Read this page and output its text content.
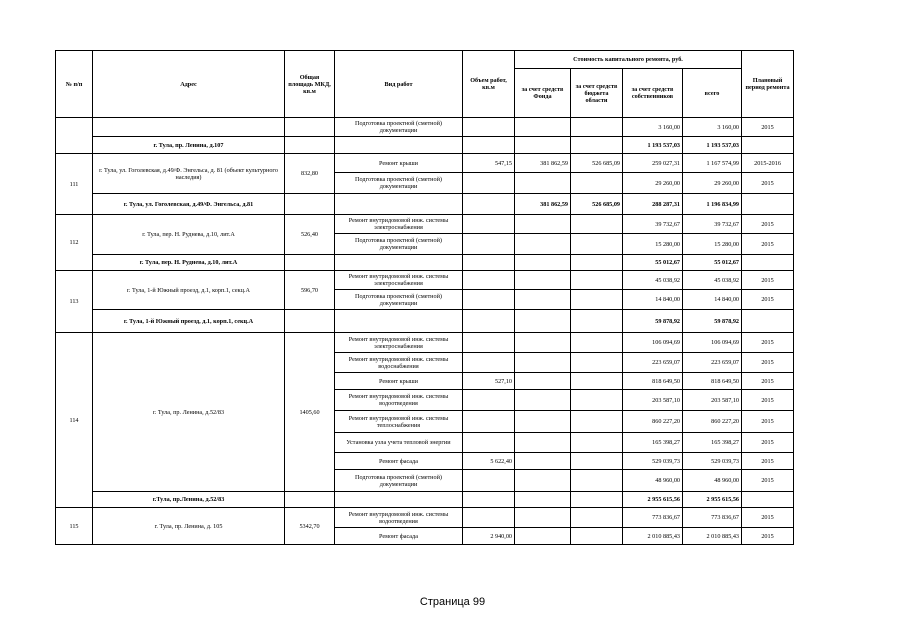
№ п/п	Адрес	Общая площадь МКД, кв.м	Вид работ	Объем работ, кв.м	Стоимость капитального ремонта, руб.				Плановый период ремонта
					за счет средств Фонда	за счет средств бюджета области	за счет средств собственников	всего	
			Подготовка проектной (сметной) документации				3 160,00	3 160,00	2015
	г. Тула, пр. Ленина, д.107						1 193 537,03	1 193 537,03	
111	г. Тула, ул. Гоголевская, д.49/Ф. Энгельса, д. 81 (объект культурного наследия)	832,80	Ремонт крыши	547,15	381 862,59	526 685,09	259 027,31	1 167 574,99	2015-2016
			Подготовка проектной (сметной) документации				29 260,00	29 260,00	2015
	г. Тула, ул. Гоголевская, д.49/Ф. Энгельса, д.81				381 862,59	526 685,09	288 287,31	1 196 834,99	
112	г. Тула, пер. Н. Руднева, д.10, лит.А	526,40	Ремонт внутридомовой инж. системы электроснабжения				39 732,67	39 732,67	2015
			Подготовка проектной (сметной) документации				15 280,00	15 280,00	2015
	г. Тула, пер. Н. Руднева, д.10, лит.А						55 012,67	55 012,67	
113	г. Тула, 1-й Южный проезд, д.1, корп.1, секц.А	596,70	Ремонт внутридомовой инж. системы электроснабжения				45 038,92	45 038,92	2015
			Подготовка проектной (сметной) документации				14 840,00	14 840,00	2015
	г. Тула, 1-й Южный проезд, д.1, корп.1, секц.А						59 878,92	59 878,92	
114	г. Тула, пр. Ленина, д.52/83	1405,60	Ремонт внутридомовой инж. системы электроснабжения				106 094,69	106 094,69	2015
			Ремонт внутридомовой инж. системы водоснабжения				223 659,07	223 659,07	2015
			Ремонт крыши	527,10			818 649,50	818 649,50	2015
			Ремонт внутридомовой инж. системы водоотведения				203 587,10	203 587,10	2015
			Ремонт внутридомовой инж. системы теплоснабжения				860 227,20	860 227,20	2015
			Установка узла учета тепловой энергии				165 398,27	165 398,27	2015
			Ремонт фасада	5 622,40			529 039,73	529 039,73	2015
			Подготовка проектной (сметной) документации				48 960,00	48 960,00	2015
	г.Тула, пр.Ленина, д.52/83						2 955 615,56	2 955 615,56	
115	г. Тула, пр. Ленина, д. 105	5342,70	Ремонт внутридомовой инж. системы водоотведения				773 836,67	773 836,67	2015
			Ремонт фасада	2 940,00			2 010 885,43	2 010 885,43	2015
Страница 99
